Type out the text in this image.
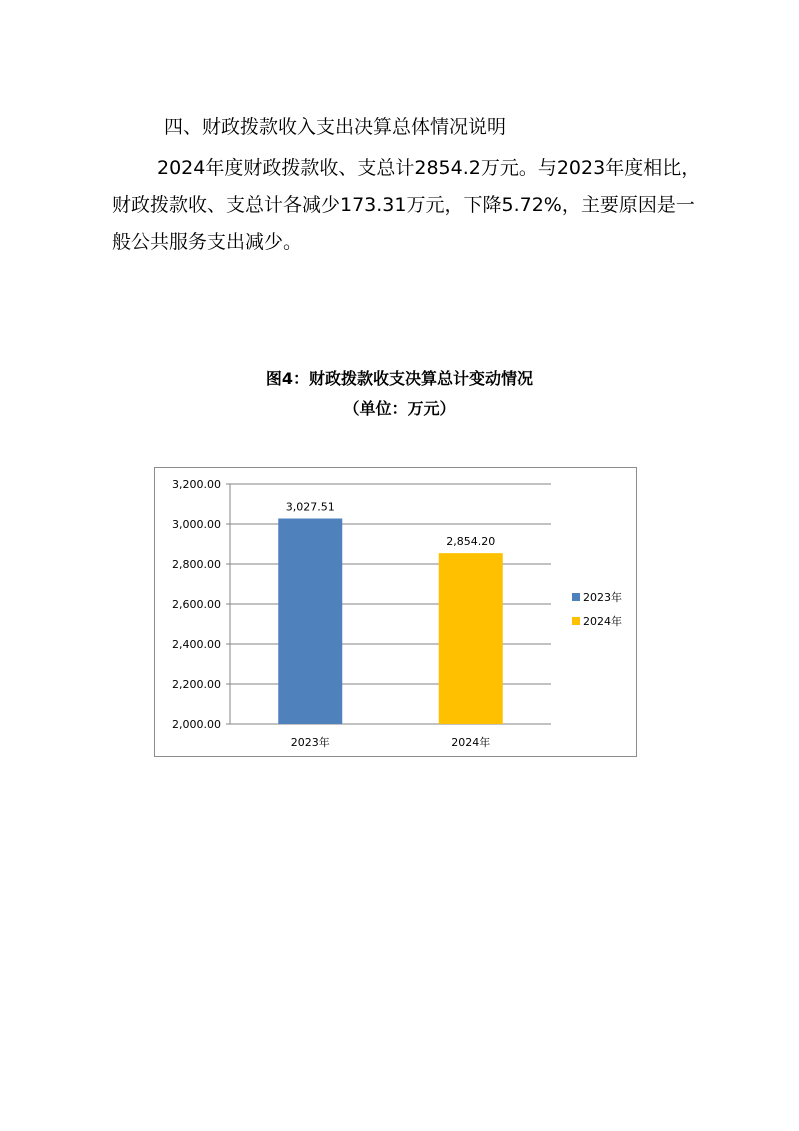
四、财政拨款收入支出决算总体情况说明
2024年度财政拨款收、支总计2854.2万元。与2023年度相比，财政拨款收、支总计各减少173.31万元，下降5.72%，主要原因是一般公共服务支出减少。
图4：财政拨款收支决算总计变动情况
（单位：万元）
2,000.00
2,200.00
2,400.00
2,600.00
2,800.00
3,000.00
3,200.00
3,027.51
2,854.20
2023年	2024年
2023年
2024年
